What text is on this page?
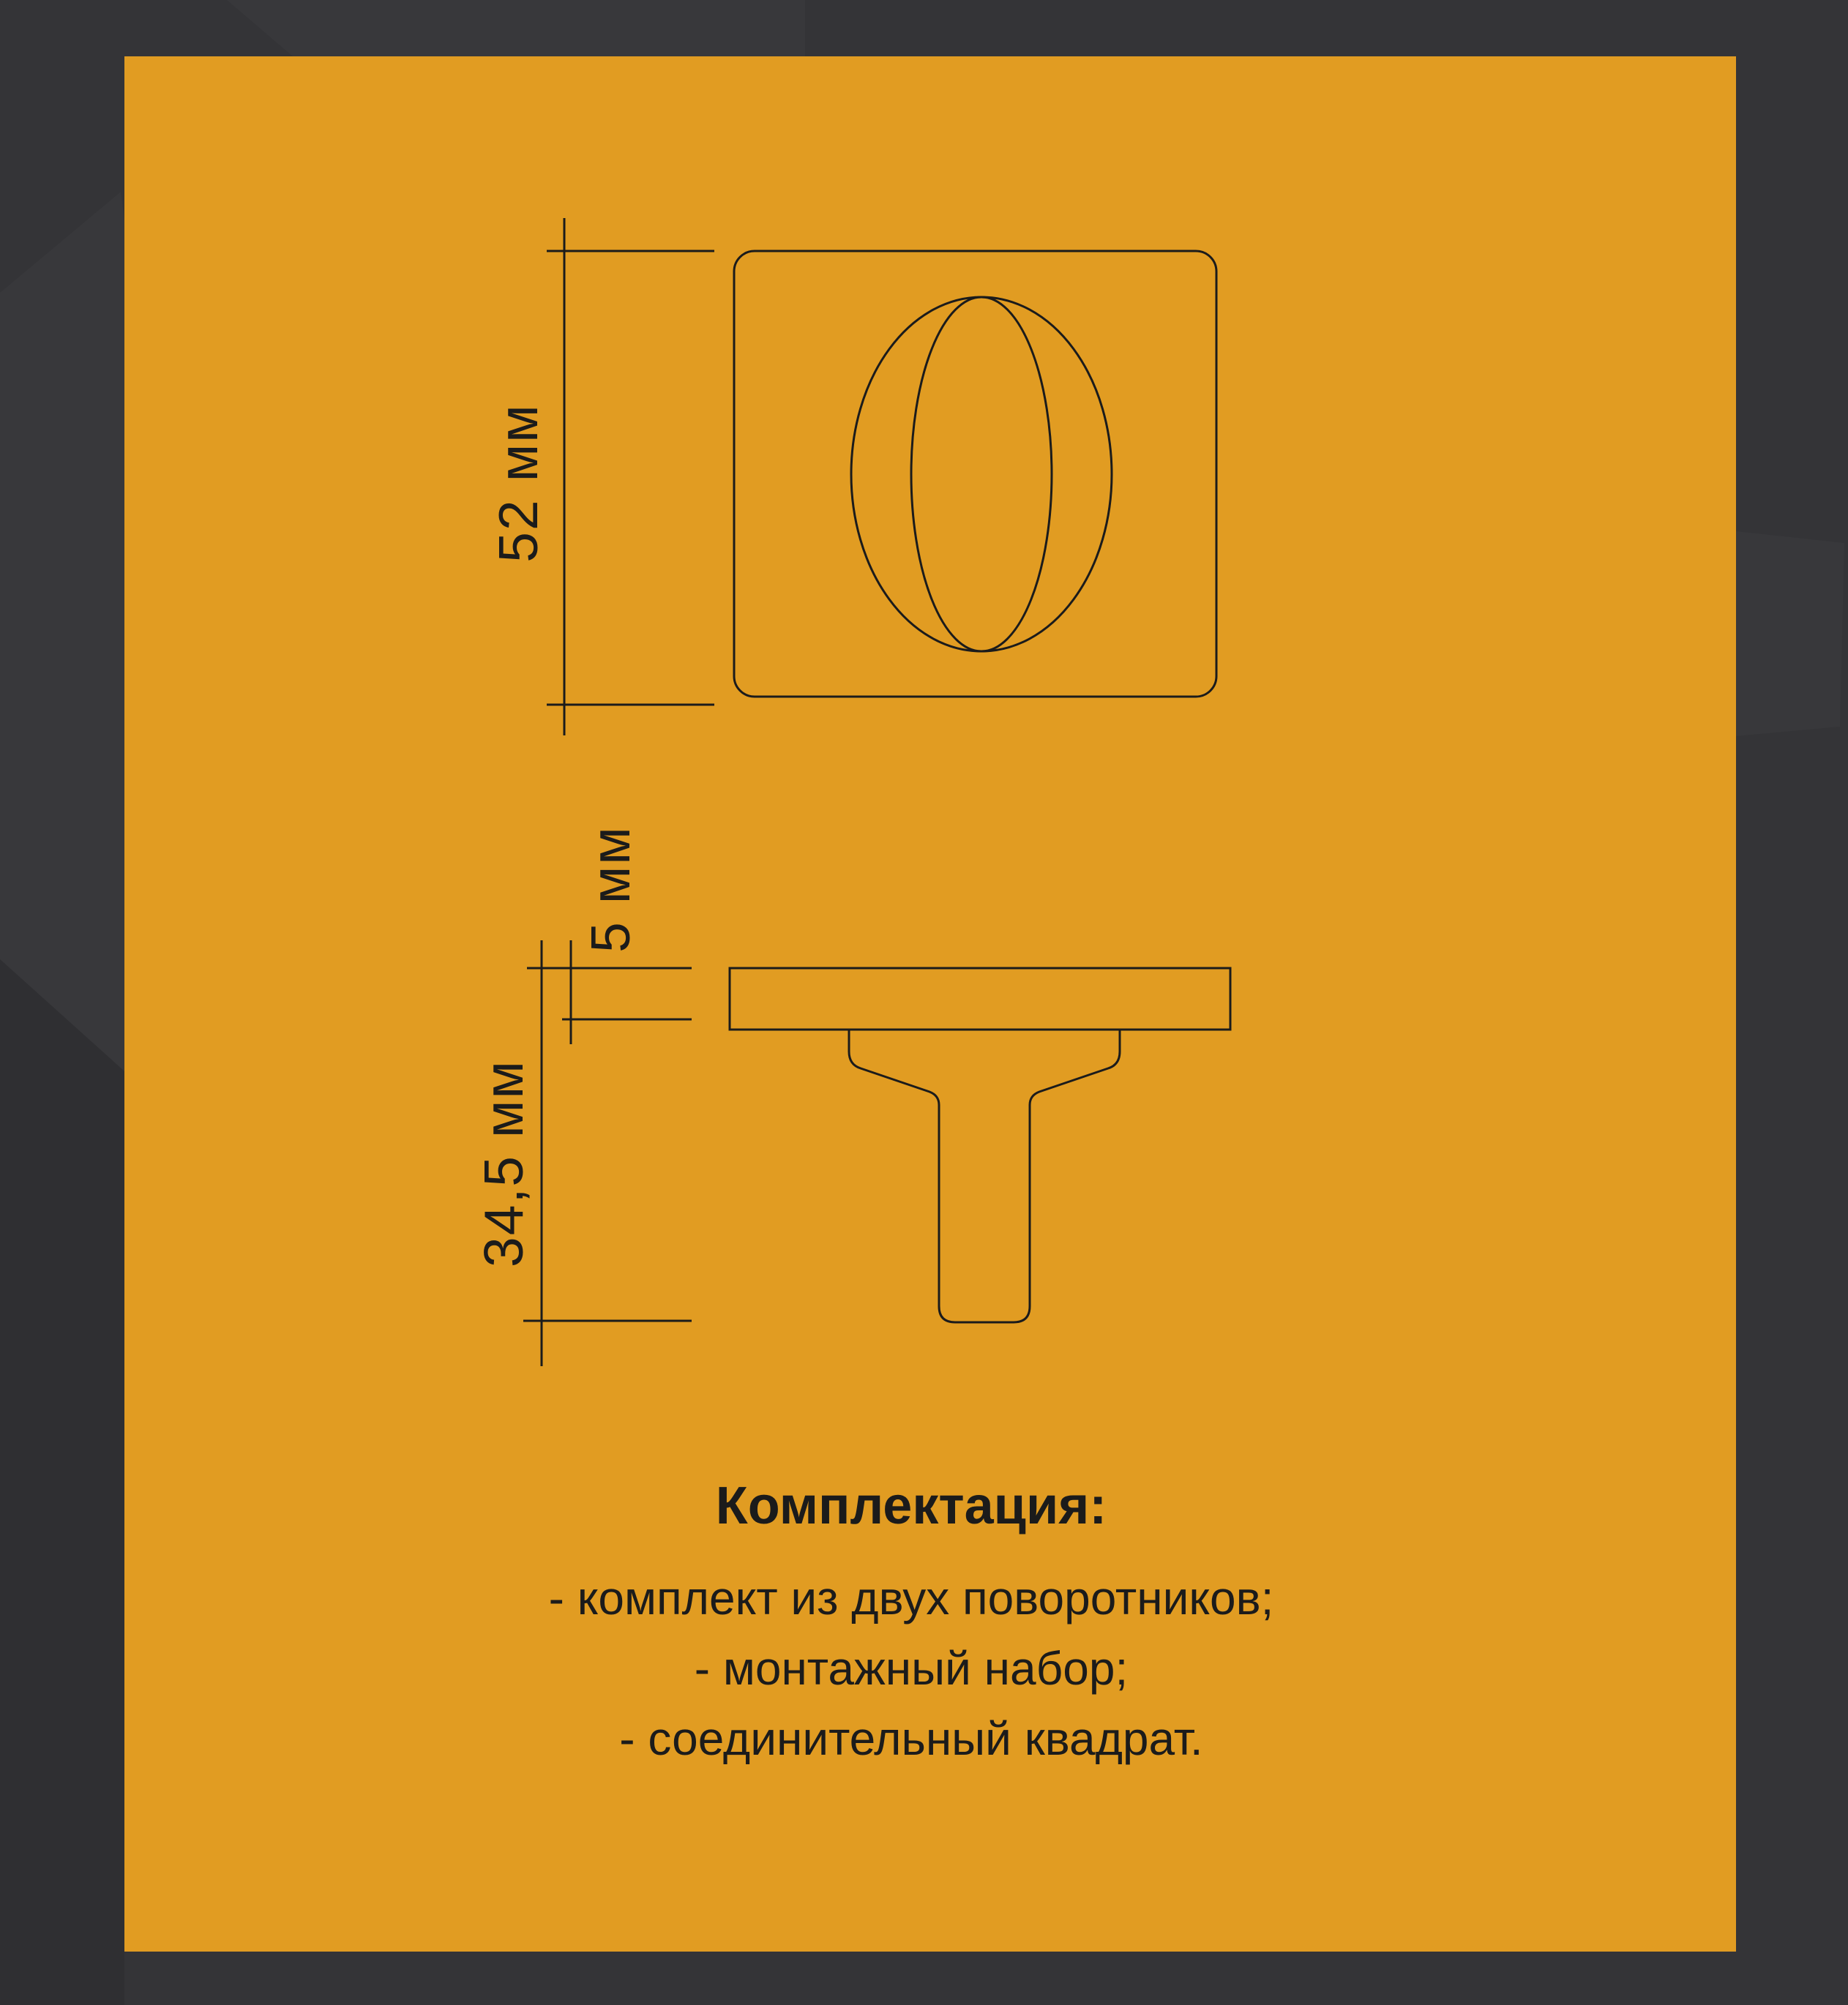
52 мм
5 мм
34,5 мм
Комплектация:
- комплект из двух поворотников;
- монтажный набор;
- соединительный квадрат.
